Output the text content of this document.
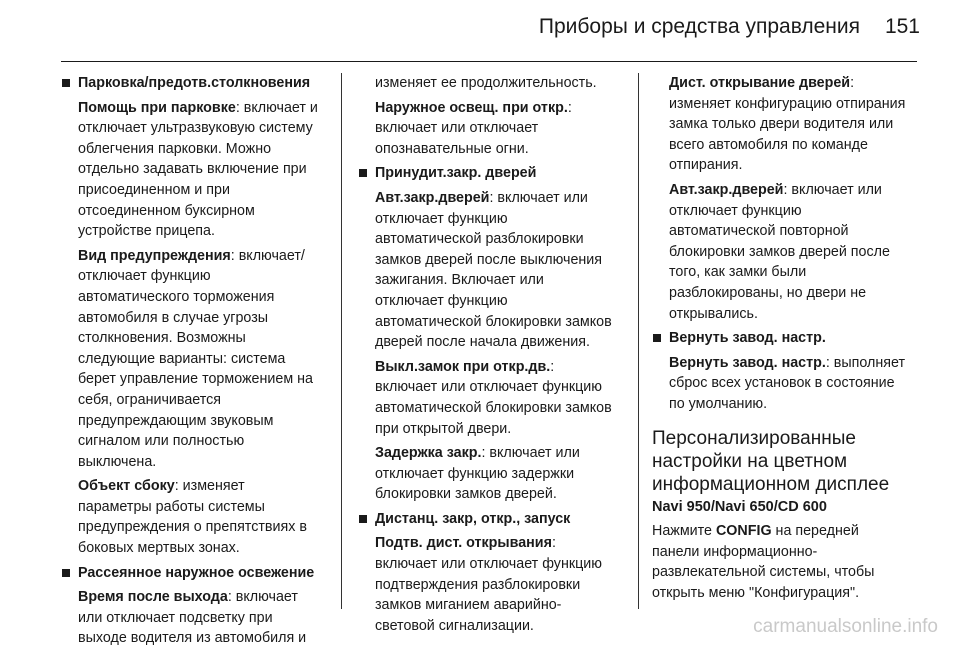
Приборы и средства управления 151
Парковка/предотв.столкновения

Помощь при парковке: включает и отключает ультразвуковую систему облегчения парковки. Можно отдельно задавать включение при присоединенном и при отсоединенном буксирном устройстве прицепа.

Вид предупреждения: включает/отключает функцию автоматического торможения автомобиля в случае угрозы столкновения. Возможны следующие варианты: система берет управление торможением на себя, ограничивается предупреждающим звуковым сигналом или полностью выключена.

Объект сбоку: изменяет параметры работы системы предупреждения о препятствиях в боковых мертвых зонах.

Рассеянное наружное освежение

Время после выхода: включает или отключает подсветку при выходе водителя из автомобиля и

изменяет ее продолжительность.

Наружное освещ. при откр.: включает или отключает опознавательные огни.

Принудит.закр. дверей

Авт.закр.дверей: включает или отключает функцию автоматической разблокировки замков дверей после выключения зажигания. Включает или отключает функцию автоматической блокировки замков дверей после начала движения.

Выкл.замок при откр.дв.: включает или отключает функцию автоматической блокировки замков при открытой двери.

Задержка закр.: включает или отключает функцию задержки блокировки замков дверей.

Дистанц. закр, откр., запуск

Подтв. дист. открывания: включает или отключает функцию подтверждения разблокировки замков миганием аварийно-световой сигнализации.

Дист. открывание дверей: изменяет конфигурацию отпирания замка только двери водителя или всего автомобиля по команде отпирания.

Авт.закр.дверей: включает или отключает функцию автоматической повторной блокировки замков дверей после того, как замки были разблокированы, но двери не открывались.

Вернуть завод. настр.

Вернуть завод. настр.: выполняет сброс всех установок в состояние по умолчанию.

Персонализированные настройки на цветном информационном дисплее
Navi 950/Navi 650/CD 600

Нажмите CONFIG на передней панели информационно-развлекательной системы, чтобы открыть меню "Конфигурация".

carmanualsonline.info
